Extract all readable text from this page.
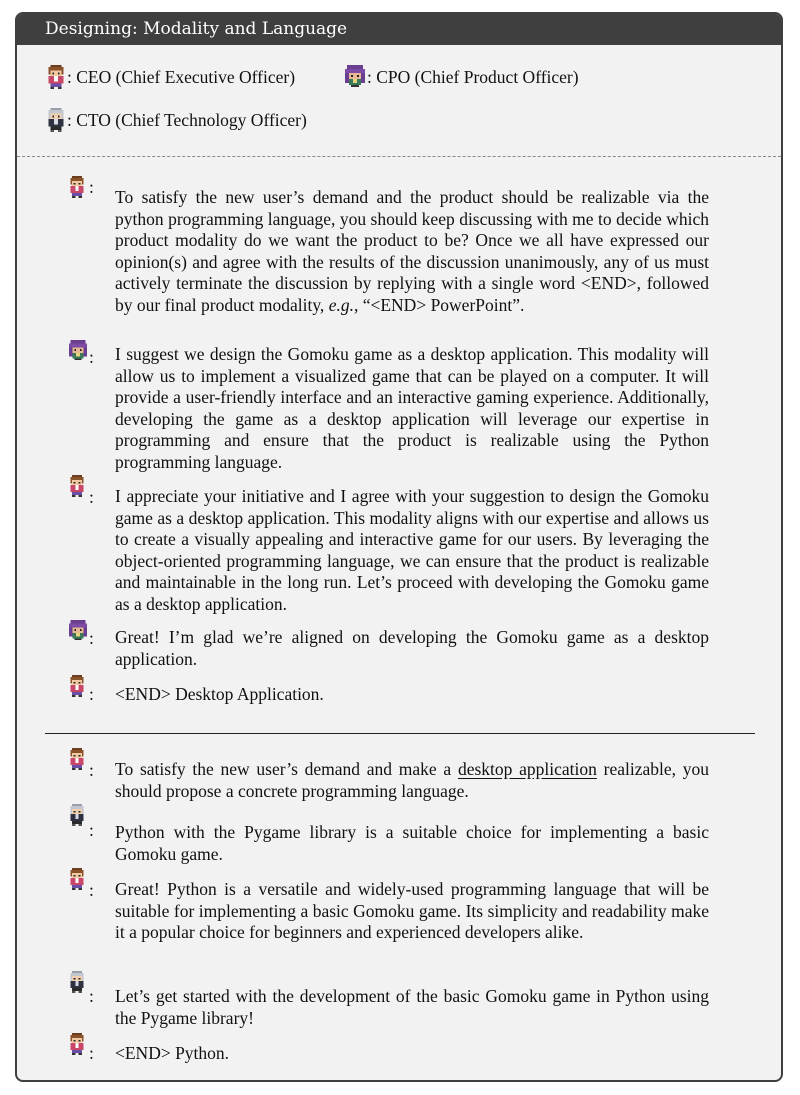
Designing: Modality and Language
: CEO (Chief Executive Officer)	: CPO (Chief Product Officer)
: CTO (Chief Technology Officer)
: To satisfy the new user’s demand and the product should be realizable via the python programming language, you should keep discussing with me to decide which product modality do we want the product to be? Once we all have expressed our opinion(s) and agree with the results of the discussion unanimously, any of us must actively terminate the discussion by replying with a single word <END>, followed by our final product modality, e.g., “<END> PowerPoint”.
: I suggest we design the Gomoku game as a desktop application. This modality will allow us to implement a visualized game that can be played on a computer. It will provide a user-friendly interface and an interactive gaming experience. Additionally, developing the game as a desktop application will leverage our expertise in programming and ensure that the product is realizable using the Python programming language.
: I appreciate your initiative and I agree with your suggestion to design the Gomoku game as a desktop application. This modality aligns with our expertise and allows us to create a visually appealing and interactive game for our users. By leveraging the object-oriented programming language, we can ensure that the product is realizable and maintainable in the long run. Let’s proceed with developing the Gomoku game as a desktop application.
: Great! I’m glad we’re aligned on developing the Gomoku game as a desktop application.
: <END> Desktop Application.
: To satisfy the new user’s demand and make a desktop application realizable, you should propose a concrete programming language.
: Python with the Pygame library is a suitable choice for implementing a basic Gomoku game.
: Great! Python is a versatile and widely-used programming language that will be suitable for implementing a basic Gomoku game. Its simplicity and readability make it a popular choice for beginners and experienced developers alike.
: Let’s get started with the development of the basic Gomoku game in Python using the Pygame library!
: <END> Python.
